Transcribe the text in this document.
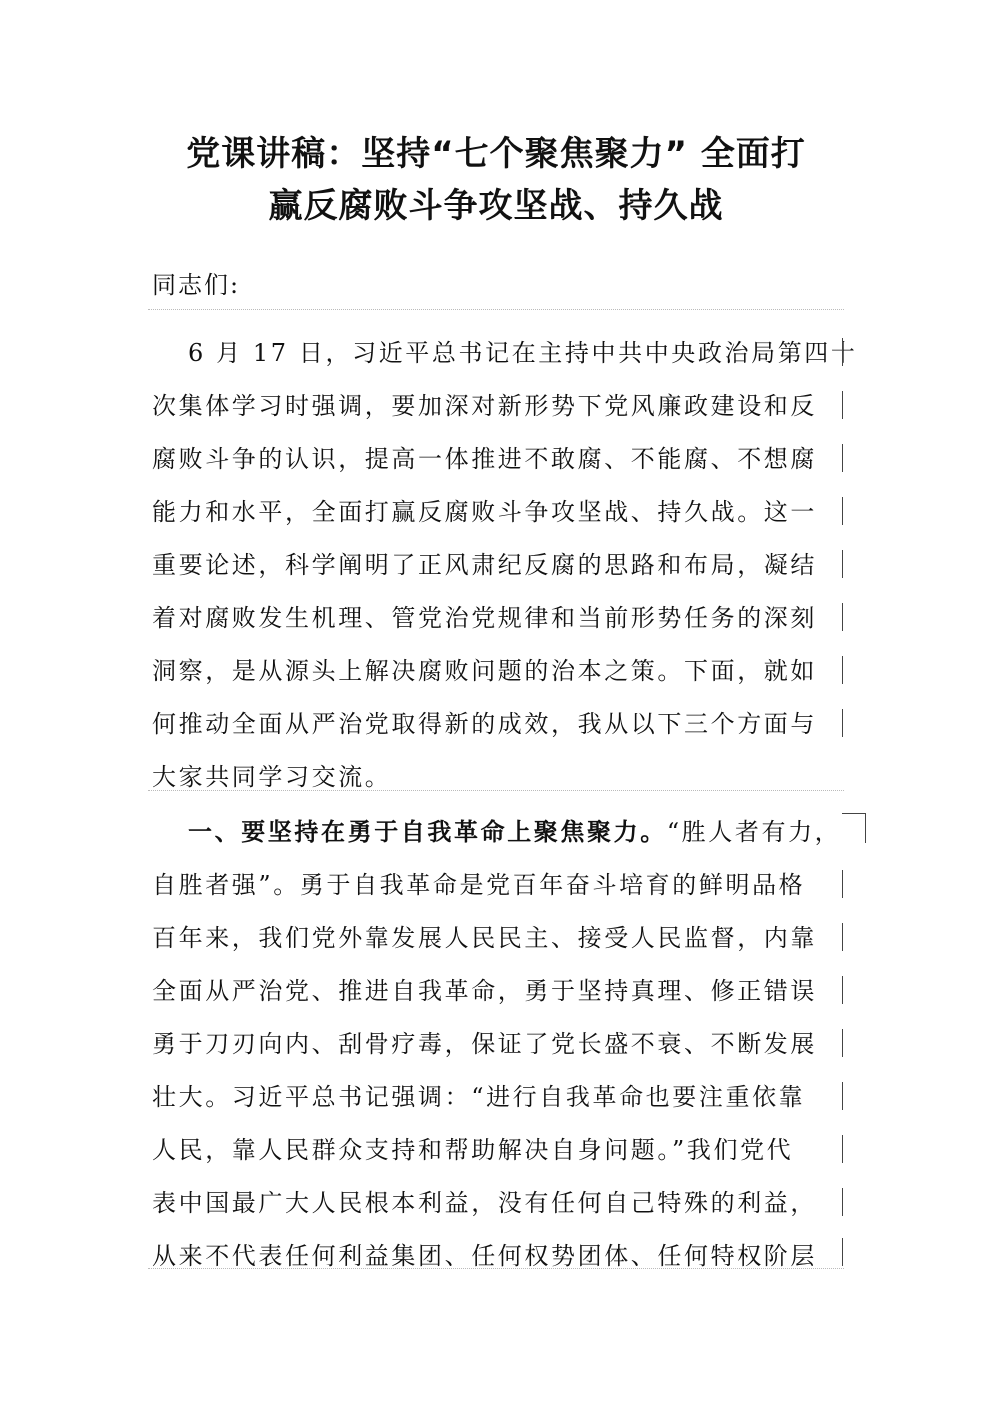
党课讲稿：坚持“七个聚焦聚力” 全面打
赢反腐败斗争攻坚战、持久战
同志们:
6 月 17 日，习近平总书记在主持中共中央政治局第四十
次集体学习时强调，要加深对新形势下党风廉政建设和反
腐败斗争的认识，提高一体推进不敢腐、不能腐、不想腐
能力和水平，全面打赢反腐败斗争攻坚战、持久战。这一
重要论述，科学阐明了正风肃纪反腐的思路和布局，凝结
着对腐败发生机理、管党治党规律和当前形势任务的深刻
洞察，是从源头上解决腐败问题的治本之策。下面，就如
何推动全面从严治党取得新的成效，我从以下三个方面与
大家共同学习交流。
一、要坚持在勇于自我革命上聚焦聚力。“胜人者有力，
自胜者强”。勇于自我革命是党百年奋斗培育的鲜明品格
百年来，我们党外靠发展人民民主、接受人民监督，内靠
全面从严治党、推进自我革命，勇于坚持真理、修正错误
勇于刀刃向内、刮骨疗毒，保证了党长盛不衰、不断发展
壮大。习近平总书记强调：“进行自我革命也要注重依靠
人民，靠人民群众支持和帮助解决自身问题。”我们党代
表中国最广大人民根本利益，没有任何自己特殊的利益，
从来不代表任何利益集团、任何权势团体、任何特权阶层
